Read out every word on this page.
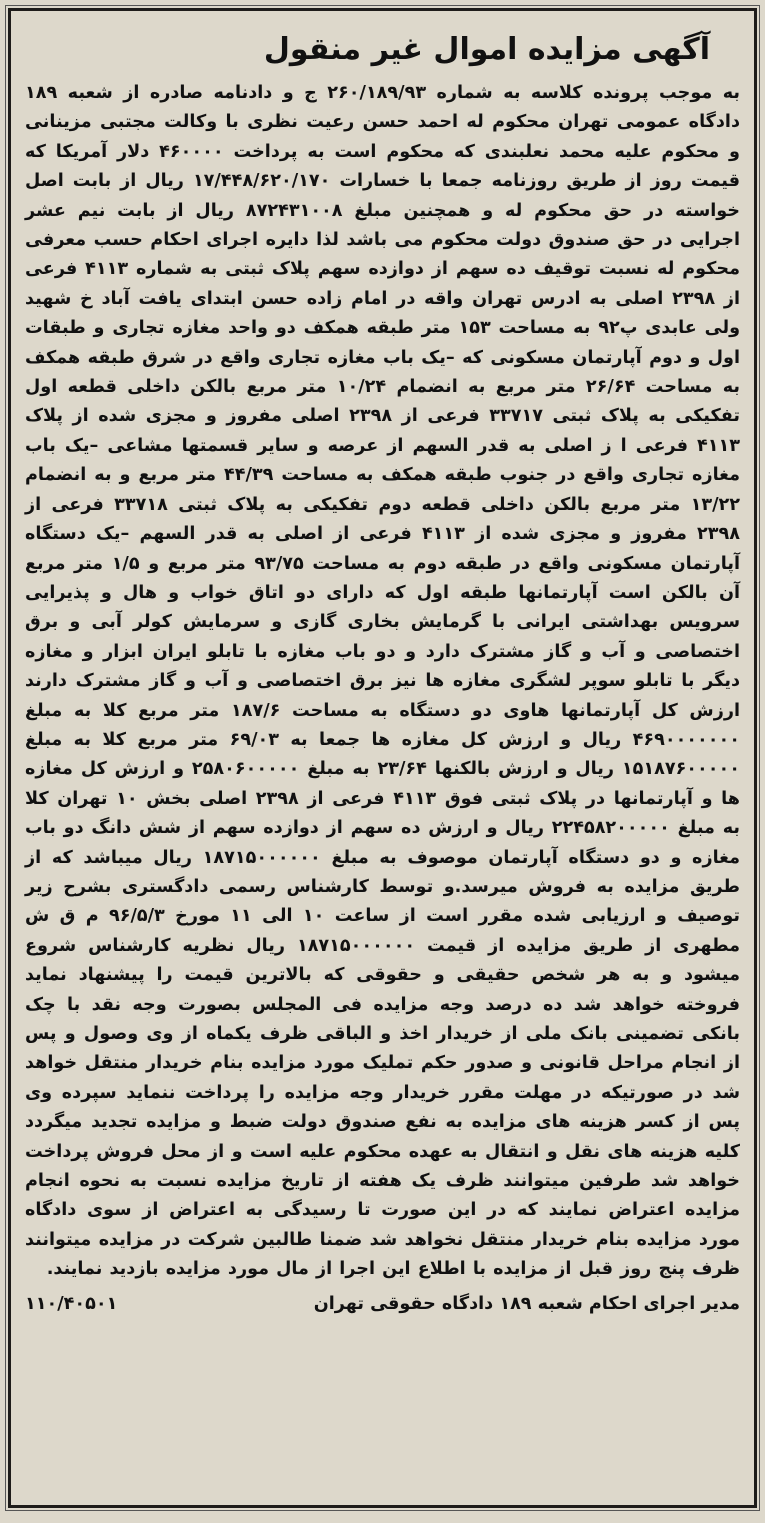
آگهی مزایده اموال غیر منقول

به موجب پرونده کلاسه به شماره ۲۶۰/۱۸۹/۹۳ ج و دادنامه صادره از شعبه ۱۸۹ دادگاه عمومی تهران محکوم له احمد حسن رعیت نظری با وکالت مجتبی مزینانی و محکوم علیه محمد نعلبندی که محکوم است به پرداخت ۴۶۰۰۰۰ دلار آمریکا که قیمت روز از طریق روزنامه جمعا با خسارات ۱۷/۴۴۸/۶۲۰/۱۷۰ ریال از بابت اصل خواسته در حق محکوم له و همچنین مبلغ ۸۷۲۴۳۱۰۰۸ ریال از بابت نیم عشر اجرایی در حق صندوق دولت محکوم می باشد لذا دایره اجرای احکام حسب معرفی محکوم له نسبت توقیف ده سهم از دوازده سهم پلاک ثبتی به شماره ۴۱۱۳ فرعی از ۲۳۹۸ اصلی به ادرس تهران واقه در امام زاده حسن ابتدای یافت آباد خ شهید ولی عابدی پ۹۲ به مساحت ۱۵۳ متر طبقه همکف دو واحد مغازه تجاری و طبقات اول و دوم آپارتمان مسکونی که –یک باب مغازه تجاری واقع در شرق طبقه همکف به مساحت ۲۶/۶۴ متر مربع به انضمام ۱۰/۲۴ متر مربع بالکن داخلی قطعه اول تفکیکی به پلاک ثبتی ۳۳۷۱۷ فرعی از ۲۳۹۸ اصلی مفروز و مجزی شده از پلاک ۴۱۱۳ فرعی ا ز اصلی به قدر السهم از عرصه و سایر قسمتها مشاعی –یک باب مغازه تجاری واقع در جنوب طبقه همکف به مساحت ۴۴/۳۹ متر مربع و به انضمام ۱۳/۲۲ متر مربع بالکن داخلی قطعه دوم تفکیکی به پلاک ثبتی ۳۳۷۱۸ فرعی از ۲۳۹۸ مفروز و مجزی شده از ۴۱۱۳ فرعی از اصلی به قدر السهم –یک دستگاه آپارتمان مسکونی واقع در طبقه دوم به مساحت ۹۳/۷۵ متر مربع و ۱/۵ متر مربع آن بالکن است آپارتمانها طبقه اول که دارای دو اتاق خواب و هال و پذیرایی سرویس بهداشتی ایرانی با گرمایش بخاری گازی و سرمایش کولر آبی و برق اختصاصی و آب و گاز مشترک دارد و دو باب مغازه با تابلو ایران ابزار و مغازه دیگر با تابلو سوپر لشگری مغازه ها نیز برق اختصاصی و آب و گاز مشترک دارند ارزش کل آپارتمانها هاوی دو دستگاه به مساحت ۱۸۷/۶ متر مربع کلا به مبلغ ۴۶۹۰۰۰۰۰۰۰ ریال و ارزش کل مغازه ها جمعا به ۶۹/۰۳ متر مربع کلا به مبلغ ۱۵۱۸۷۶۰۰۰۰۰ ریال و ارزش بالکنها ۲۳/۶۴ به مبلغ ۲۵۸۰۶۰۰۰۰۰ و ارزش کل مغازه ها و آپارتمانها در پلاک ثبتی فوق ۴۱۱۳ فرعی از ۲۳۹۸ اصلی بخش ۱۰ تهران کلا به مبلغ ۲۲۴۵۸۲۰۰۰۰۰ ریال و ارزش ده سهم از دوازده سهم از شش دانگ دو باب مغازه و دو دستگاه آپارتمان موصوف به مبلغ ۱۸۷۱۵۰۰۰۰۰۰ ریال میباشد که از طریق مزایده به فروش میرسد.و توسط کارشناس رسمی دادگستری بشرح زیر توصیف و ارزیابی شده مقرر است از ساعت ۱۰ الی ۱۱ مورخ ۹۶/۵/۳ م ق ش مطهری از طریق مزایده از قیمت ۱۸۷۱۵۰۰۰۰۰۰ ریال نظریه کارشناس شروع میشود و به هر شخص حقیقی و حقوقی که بالاترین قیمت را پیشنهاد نماید فروخته خواهد شد ده درصد وجه مزایده فی المجلس بصورت وجه نقد با چک بانکی تضمینی بانک ملی از خریدار اخذ و الباقی ظرف یکماه از وی وصول و پس از انجام مراحل قانونی و صدور حکم تملیک مورد مزایده بنام خریدار منتقل خواهد شد در صورتیکه در مهلت مقرر خریدار وجه مزایده را پرداخت ننماید سپرده وی پس از کسر هزینه های مزایده به نفع صندوق دولت ضبط و مزایده تجدید میگردد کلیه هزینه های نقل و انتقال به عهده محکوم علیه است و از محل فروش پرداخت خواهد شد طرفین میتوانند ظرف یک هفته از تاریخ مزایده نسبت به نحوه انجام مزایده اعتراض نمایند که در این صورت تا رسیدگی به اعتراض از سوی دادگاه مورد مزایده بنام خریدار منتقل نخواهد شد ضمنا طالبین شرکت در مزایده میتوانند ظرف پنج روز قبل از مزایده با اطلاع این اجرا از مال مورد مزایده بازدید نمایند.

مدیر اجرای احکام شعبه ۱۸۹ دادگاه حقوقی تهران
۱۱۰/۴۰۵۰۱
